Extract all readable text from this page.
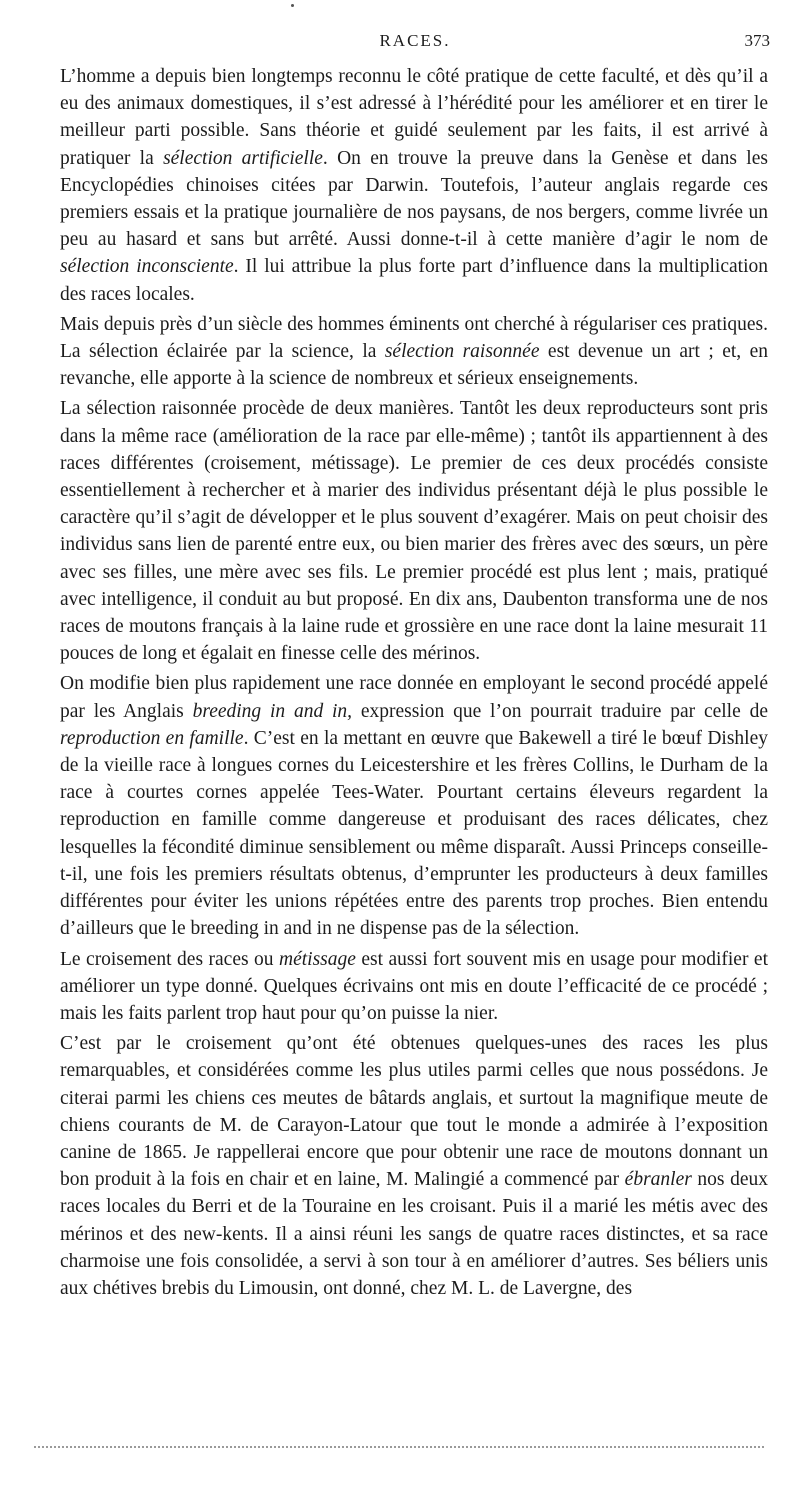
RACES.	373

L’homme a depuis bien longtemps reconnu le côté pratique de cette faculté, et dès qu’il a eu des animaux domestiques, il s’est adressé à l’hérédité pour les améliorer et en tirer le meilleur parti possible. Sans théorie et guidé seulement par les faits, il est arrivé à pratiquer la sélection artificielle. On en trouve la preuve dans la Genèse et dans les Encyclopédies chinoises citées par Darwin. Toutefois, l’auteur anglais regarde ces premiers essais et la pratique journalière de nos paysans, de nos bergers, comme livrée un peu au hasard et sans but arrêté. Aussi donne-t-il à cette manière d’agir le nom de sélection inconsciente. Il lui attribue la plus forte part d’influence dans la multiplication des races locales.

Mais depuis près d’un siècle des hommes éminents ont cherché à régulariser ces pratiques. La sélection éclairée par la science, la sélection raisonnée est devenue un art ; et, en revanche, elle apporte à la science de nombreux et sérieux enseignements.

La sélection raisonnée procède de deux manières. Tantôt les deux reproducteurs sont pris dans la même race (amélioration de la race par elle-même) ; tantôt ils appartiennent à des races différentes (croisement, métissage). Le premier de ces deux procédés consiste essentiellement à rechercher et à marier des individus présentant déjà le plus possible le caractère qu’il s’agit de développer et le plus souvent d’exagérer. Mais on peut choisir des individus sans lien de parenté entre eux, ou bien marier des frères avec des sœurs, un père avec ses filles, une mère avec ses fils. Le premier procédé est plus lent ; mais, pratiqué avec intelligence, il conduit au but proposé. En dix ans, Daubenton transforma une de nos races de moutons français à la laine rude et grossière en une race dont la laine mesurait 11 pouces de long et égalait en finesse celle des mérinos.

On modifie bien plus rapidement une race donnée en employant le second procédé appelé par les Anglais breeding in and in, expression que l’on pourrait traduire par celle de reproduction en famille. C’est en la mettant en œuvre que Bakewell a tiré le bœuf Dishley de la vieille race à longues cornes du Leicestershire et les frères Collins, le Durham de la race à courtes cornes appelée Tees-Water. Pourtant certains éleveurs regardent la reproduction en famille comme dangereuse et produisant des races délicates, chez lesquelles la fécondité diminue sensiblement ou même disparaît. Aussi Princeps conseille-t-il, une fois les premiers résultats obtenus, d’emprunter les producteurs à deux familles différentes pour éviter les unions répétées entre des parents trop proches. Bien entendu d’ailleurs que le breeding in and in ne dispense pas de la sélection.

Le croisement des races ou métissage est aussi fort souvent mis en usage pour modifier et améliorer un type donné. Quelques écrivains ont mis en doute l’efficacité de ce procédé ; mais les faits parlent trop haut pour qu’on puisse la nier.

C’est par le croisement qu’ont été obtenues quelques-unes des races les plus remarquables, et considérées comme les plus utiles parmi celles que nous possédons. Je citerai parmi les chiens ces meutes de bâtards anglais, et surtout la magnifique meute de chiens courants de M. de Carayon-Latour que tout le monde a admirée à l’exposition canine de 1865. Je rappellerai encore que pour obtenir une race de moutons donnant un bon produit à la fois en chair et en laine, M. Malingié a commencé par ébranler nos deux races locales du Berri et de la Touraine en les croisant. Puis il a marié les métis avec des mérinos et des new-kents. Il a ainsi réuni les sangs de quatre races distinctes, et sa race charmoise une fois consolidée, a servi à son tour à en améliorer d’autres. Ses béliers unis aux chétives brebis du Limousin, ont donné, chez M. L. de Lavergne, des
